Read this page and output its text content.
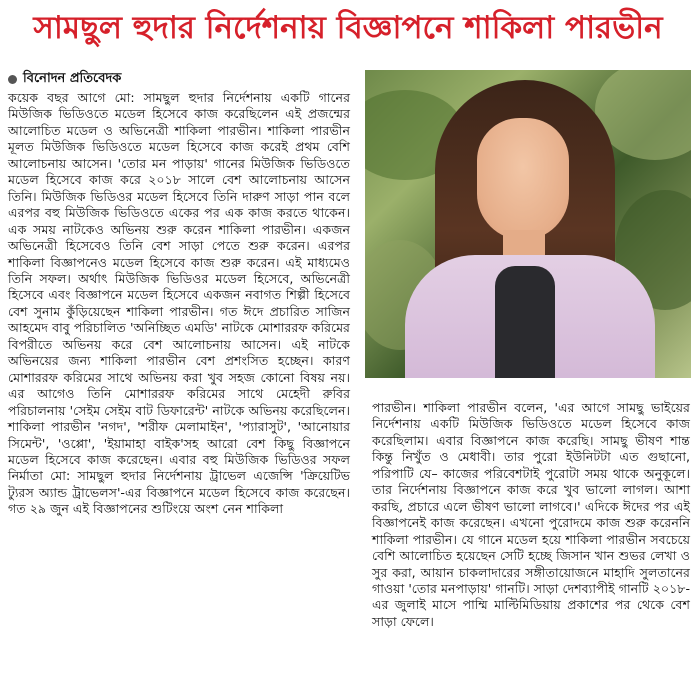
সামছুল হুদার নির্দেশনায় বিজ্ঞাপনে শাকিলা পারভীন
বিনোদন প্রতিবেদক

কয়েক বছর আগে মো: সামছুল হুদার নির্দেশনায় একটি গানের মিউজিক ভিডিওতে মডেল হিসেবে কাজ করেছিলেন এই প্রজন্মের আলোচিত মডেল ও অভিনেত্রী শাকিলা পারভীন। শাকিলা পারভীন মূলত মিউজিক ভিডিওতে মডেল হিসেবে কাজ করেই প্রথম বেশি আলোচনায় আসেন। 'তোর মন পাড়ায়' গানের মিউজিক ভিডিওতে মডেল হিসেবে কাজ করে ২০১৮ সালে বেশ আলোচনায় আসেন তিনি। মিউজিক ভিডিওর মডেল হিসেবে তিনি দারুণ সাড়া পান বলে এরপর বহু মিউজিক ভিডিওতে একের পর এক কাজ করতে থাকেন। এক সময় নাটকেও অভিনয় শুরু করেন শাকিলা পারভীন। একজন অভিনেত্রী হিসেবেও তিনি বেশ সাড়া পেতে শুরু করেন। এরপর শাকিলা বিজ্ঞাপনেও মডেল হিসেবে কাজ শুরু করেন। এই মাধ্যমেও তিনি সফল। অর্থাৎ মিউজিক ভিডিওর মডেল হিসেবে, অভিনেত্রী হিসেবে এবং বিজ্ঞাপনে মডেল হিসেবে একজন নবাগত শিল্পী হিসেবে বেশ সুনাম কুঁড়িয়েছেন শাকিলা পারভীন। গত ঈদে প্রচারিত সাজিন আহমেদ বাবু পরিচালিত 'অনিচ্ছিত এমডি' নাটকে মোশাররফ করিমের বিপরীতে অভিনয় করে বেশ আলোচনায় আসেন। এই নাটকে অভিনয়ের জন্য শাকিলা পারভীন বেশ প্রশংসিত হচ্ছেন। কারণ মোশাররফ করিমের সাথে অভিনয় করা খুব সহজ কোনো বিষয় নয়। এর আগেও তিনি মোশাররফ করিমের সাথে মেহেদী রুবির পরিচালনায় 'সেইম সেইম বাট ডিফারেন্ট' নাটকে অভিনয় করেছিলেন। শাকিলা পারভীন 'নগদ', 'শরীফ মেলামাইন', 'প্যারাসুট', 'আনোয়ার সিমেন্ট', 'ওপ্পো', 'ইয়ামাহা বাইক'সহ আরো বেশ কিছু বিজ্ঞাপনে মডেল হিসেবে কাজ করেছেন। এবার বহু মিউজিক ভিডিওর সফল নির্মাতা মো: সামছুল হুদার নির্দেশনায় ট্রাভেল এজেন্সি 'ক্রিয়েটিভ ট্যুরস অ্যান্ড ট্রাভেলস'-এর বিজ্ঞাপনে মডেল হিসেবে কাজ করেছেন। গত ২৯ জুন এই বিজ্ঞাপনের শুটিংয়ে অংশ নেন শাকিলা

পারভীন। শাকিলা পারভীন বলেন, 'এর আগে সামছু ভাইয়ের নির্দেশনায় একটি মিউজিক ভিডিওতে মডেল হিসেবে কাজ করেছিলাম। এবার বিজ্ঞাপনে কাজ করেছি। সামছু ভীষণ শান্ত কিন্তু নিখুঁত ও মেধাবী। তার পুরো ইউনিটটা এত গুছানো, পরিপাটি যে– কাজের পরিবেশটাই পুরোটা সময় থাকে অনুকূলে। তার নির্দেশনায় বিজ্ঞাপনে কাজ করে খুব ভালো লাগল। আশা করছি, প্রচারে এলে ভীষণ ভালো লাগবে।' এদিকে ঈদের পর এই বিজ্ঞাপনেই কাজ করেছেন। এখনো পুরোদমে কাজ শুরু করেননি শাকিলা পারভীন। যে গানে মডেল হয়ে শাকিলা পারভীন সবচেয়ে বেশি আলোচিত হয়েছেন সেটি হচ্ছে জিসান খান শুভর লেখা ও সুর করা, আয়ান চাকলাদারের সঙ্গীতায়োজনে মাহাদি সুলতানের গাওয়া 'তোর মনপাড়ায়' গানটি। সাড়া দেশব্যাপীই গানটি ২০১৮-এর জুলাই মাসে পাম্মি মাল্টিমিডিয়ায় প্রকাশের পর থেকে বেশ সাড়া ফেলে।
